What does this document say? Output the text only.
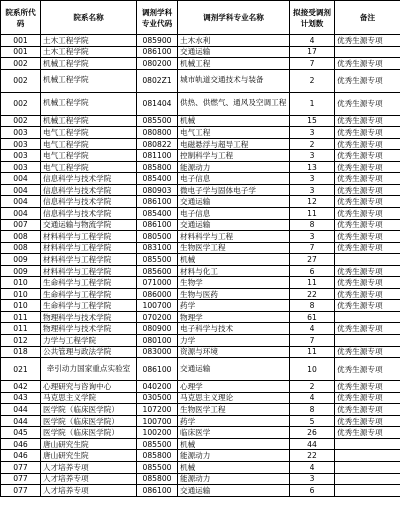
院系所代码	院系名称	调剂学科专业代码	调剂学科专业名称	拟接受调剂计划数	备注
001	土木工程学院	085900	土木水利	4	优秀生源专项
001	土木工程学院	086100	交通运输	17	
002	机械工程学院	080200	机械工程	7	优秀生源专项
002	机械工程学院	0802Z1	城市轨道交通技术与装备	2	优秀生源专项
002	机械工程学院	081404	供热、供燃气、通风及空调工程	1	优秀生源专项
002	机械工程学院	085500	机械	15	优秀生源专项
003	电气工程学院	080800	电气工程	3	优秀生源专项
003	电气工程学院	080822	电磁悬浮与超导工程	2	优秀生源专项
003	电气工程学院	081100	控制科学与工程	3	优秀生源专项
003	电气工程学院	085800	能源动力	13	优秀生源专项
004	信息科学与技术学院	085400	电子信息	3	优秀生源专项
004	信息科学与技术学院	080903	微电子学与固体电子学	3	优秀生源专项
004	信息科学与技术学院	086100	交通运输	12	优秀生源专项
004	信息科学与技术学院	085400	电子信息	11	优秀生源专项
007	交通运输与物流学院	086100	交通运输	8	优秀生源专项
008	材料科学与工程学院	080500	材料科学与工程	3	优秀生源专项
008	材料科学与工程学院	083100	生物医学工程	7	优秀生源专项
009	材料科学与工程学院	085500	机械	27	
009	材料科学与工程学院	085600	材料与化工	6	优秀生源专项
010	生命科学与工程学院	071000	生物学	11	优秀生源专项
010	生命科学与工程学院	086000	生物与医药	22	优秀生源专项
010	生命科学与工程学院	100700	药学	8	优秀生源专项
011	物理科学与技术学院	070200	物理学	61	
011	物理科学与技术学院	080900	电子科学与技术	4	优秀生源专项
012	力学与工程学院	080100	力学	7	
018	公共管理与政法学院	083000	资源与环境	11	优秀生源专项
021	牵引动力国家重点实验室	086100	交通运输	10	优秀生源专项
042	心理研究与咨询中心	040200	心理学	2	优秀生源专项
043	马克思主义学院	030500	马克思主义理论	4	优秀生源专项
044	医学院（临床医学院）	107200	生物医学工程	8	优秀生源专项
044	医学院（临床医学院）	100700	药学	5	优秀生源专项
045	医学院（临床医学院）	100200	临床医学	26	优秀生源专项
046	唐山研究生院	085500	机械	44	
046	唐山研究生院	085800	能源动力	22	
077	人才培养专项	085500	机械	4	
077	人才培养专项	085800	能源动力	3	
077	人才培养专项	086100	交通运输	6	
